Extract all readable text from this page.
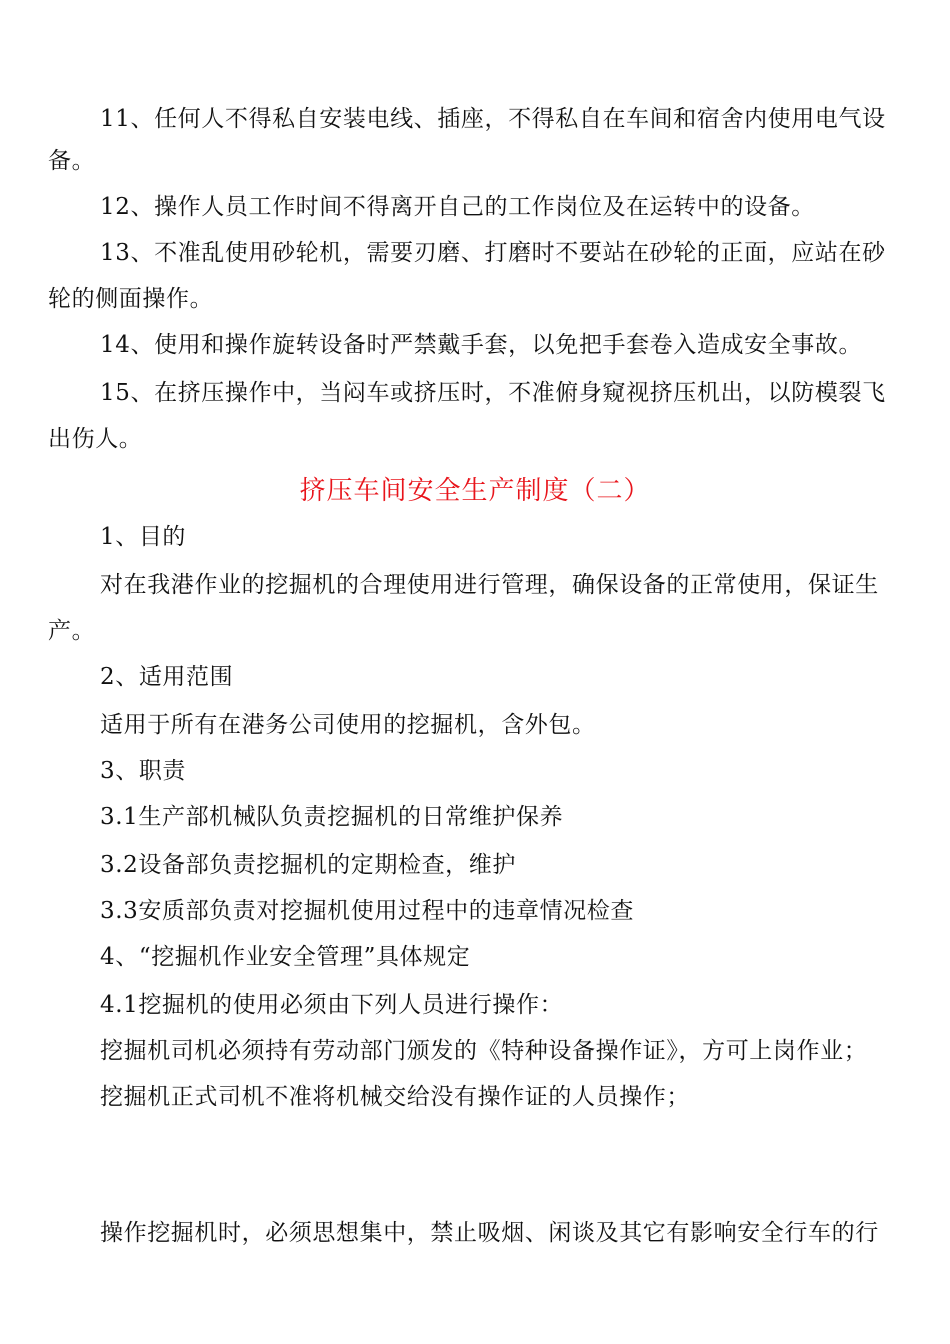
11、任何人不得私自安装电线、插座，不得私自在车间和宿舍内使用电气设
备。
12、操作人员工作时间不得离开自己的工作岗位及在运转中的设备。
13、不准乱使用砂轮机，需要刃磨、打磨时不要站在砂轮的正面，应站在砂
轮的侧面操作。
14、使用和操作旋转设备时严禁戴手套，以免把手套卷入造成安全事故。
15、在挤压操作中，当闷车或挤压时，不准俯身窥视挤压机出，以防模裂飞
出伤人。
挤压车间安全生产制度（二）
1、目的
对在我港作业的挖掘机的合理使用进行管理，确保设备的正常使用，保证生
产。
2、适用范围
适用于所有在港务公司使用的挖掘机，含外包。
3、职责
3.1生产部机械队负责挖掘机的日常维护保养
3.2设备部负责挖掘机的定期检查，维护
3.3安质部负责对挖掘机使用过程中的违章情况检查
4、“挖掘机作业安全管理”具体规定
4.1挖掘机的使用必须由下列人员进行操作：
挖掘机司机必须持有劳动部门颁发的《特种设备操作证》，方可上岗作业；
挖掘机正式司机不准将机械交给没有操作证的人员操作；
操作挖掘机时，必须思想集中，禁止吸烟、闲谈及其它有影响安全行车的行
